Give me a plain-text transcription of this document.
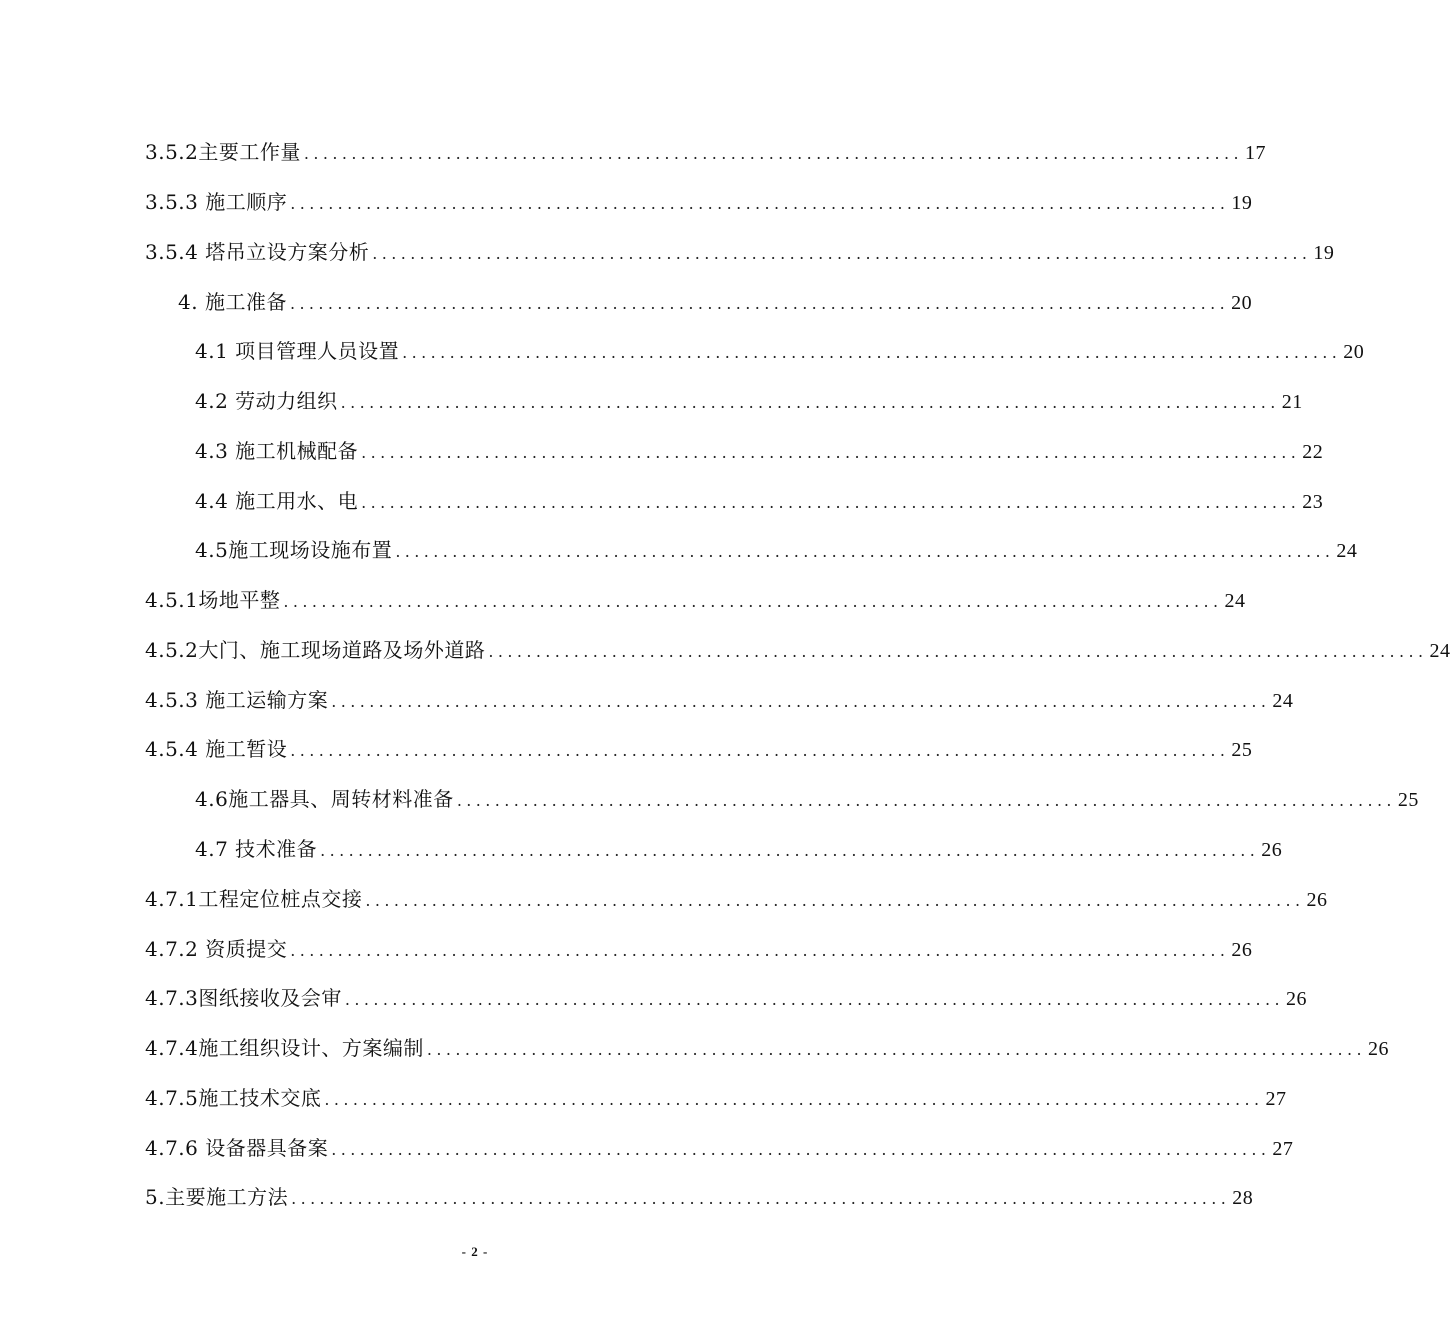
3.5.2主要工作量 ................................................................................................... 17
3.5.3 施工顺序 ................................................................................................... 19
3.5.4 塔吊立设方案分析 ................................................................................................... 19
4. 施工准备 ................................................................................................... 20
4.1 项目管理人员设置 ................................................................................................... 20
4.2 劳动力组织 ................................................................................................... 21
4.3 施工机械配备 ................................................................................................... 22
4.4 施工用水、电 ................................................................................................... 23
4.5施工现场设施布置 ................................................................................................... 24
4.5.1场地平整 ................................................................................................... 24
4.5.2大门、施工现场道路及场外道路 ................................................................................................... 24
4.5.3 施工运输方案 ................................................................................................... 24
4.5.4 施工暂设 ................................................................................................... 25
4.6施工器具、周转材料准备 ................................................................................................... 25
4.7 技术准备 ................................................................................................... 26
4.7.1工程定位桩点交接 ................................................................................................... 26
4.7.2 资质提交 ................................................................................................... 26
4.7.3图纸接收及会审 ................................................................................................... 26
4.7.4施工组织设计、方案编制 ................................................................................................... 26
4.7.5施工技术交底 ................................................................................................... 27
4.7.6 设备器具备案 ................................................................................................... 27
5.主要施工方法 ................................................................................................... 28
- 2 -
